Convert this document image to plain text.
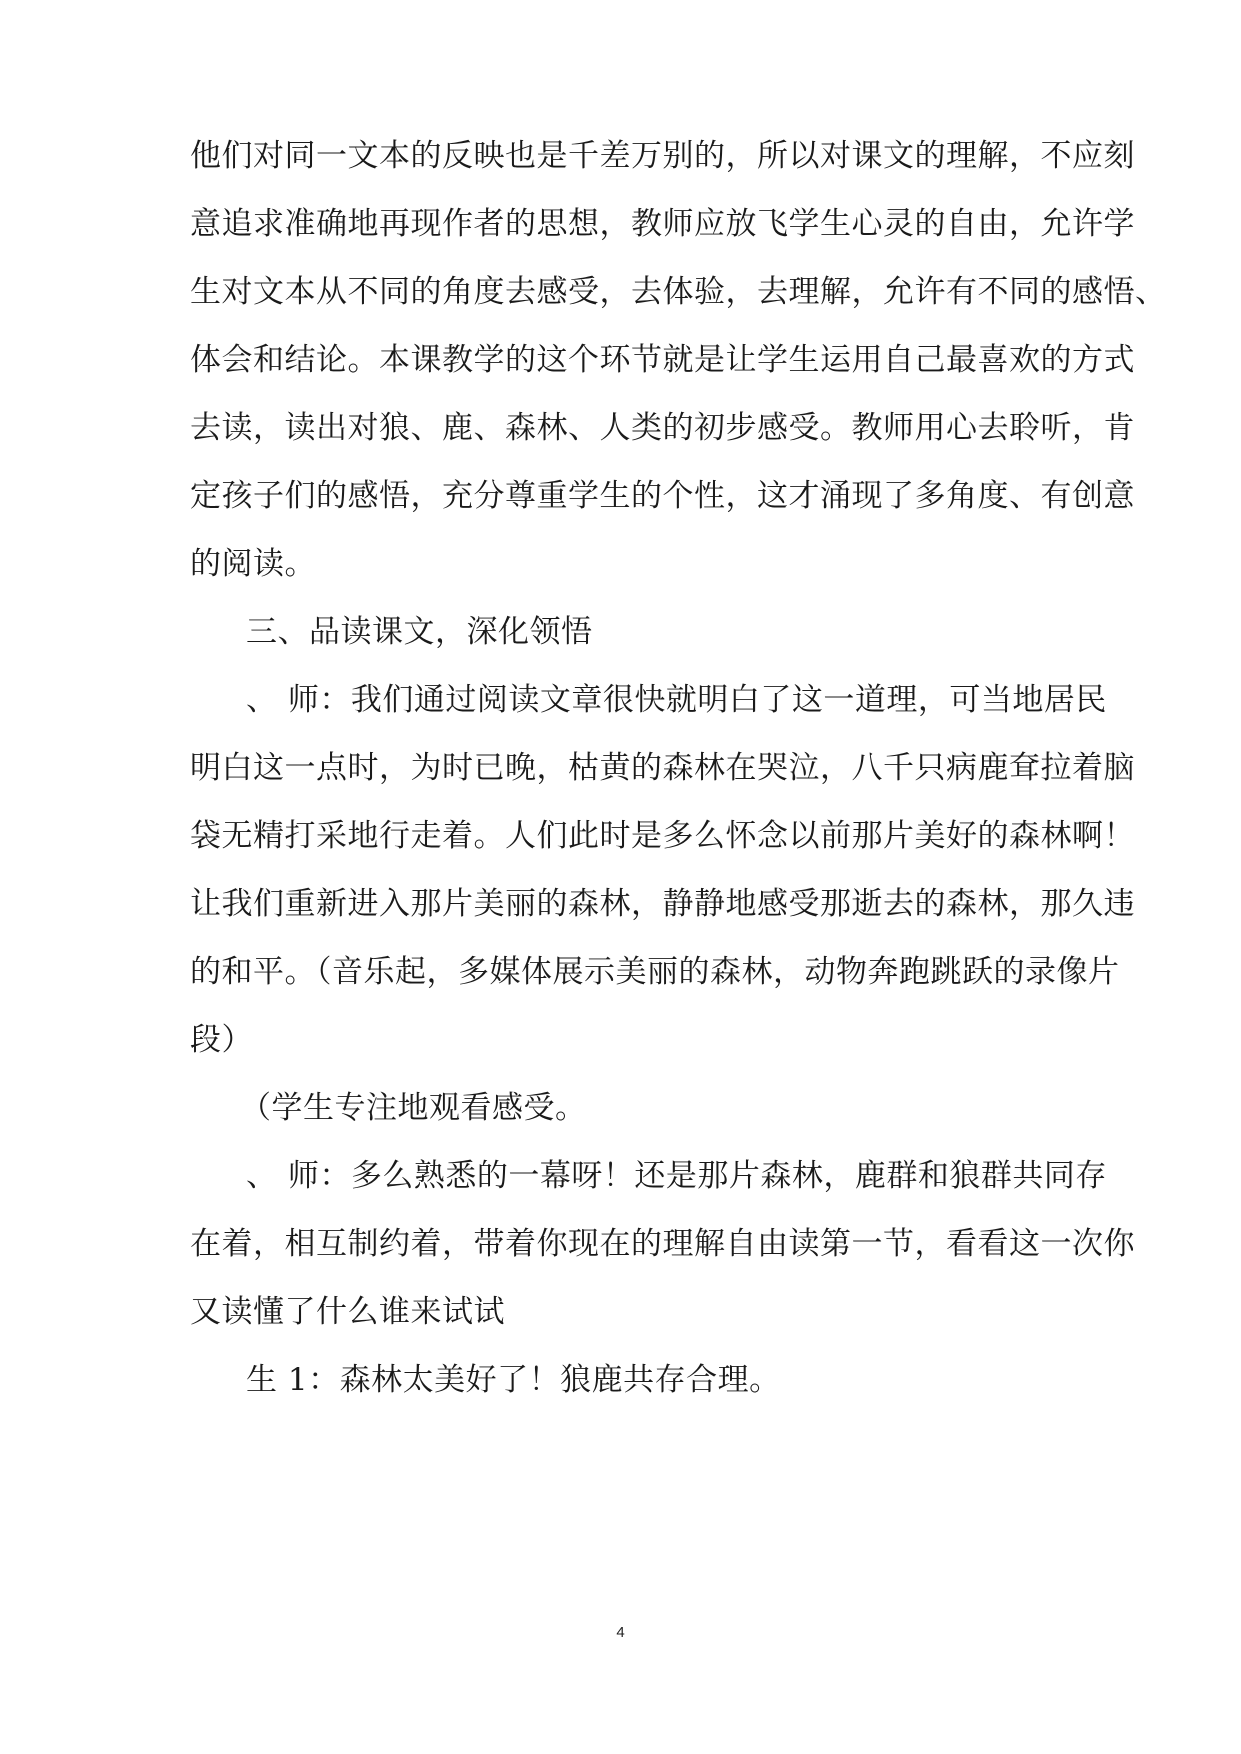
他们对同一文本的反映也是千差万别的，所以对课文的理解，不应刻
意追求准确地再现作者的思想，教师应放飞学生心灵的自由，允许学
生对文本从不同的角度去感受，去体验，去理解，允许有不同的感悟、
体会和结论。本课教学的这个环节就是让学生运用自己最喜欢的方式
去读，读出对狼、鹿、森林、人类的初步感受。教师用心去聆听，肯
定孩子们的感悟，充分尊重学生的个性，这才涌现了多角度、有创意
的阅读。
三、品读课文，深化领悟
、 师：我们通过阅读文章很快就明白了这一道理，可当地居民
明白这一点时，为时已晚，枯黄的森林在哭泣，八千只病鹿耷拉着脑
袋无精打采地行走着。人们此时是多么怀念以前那片美好的森林啊！
让我们重新进入那片美丽的森林，静静地感受那逝去的森林，那久违
的和平。（音乐起，多媒体展示美丽的森林，动物奔跑跳跃的录像片
段）
（学生专注地观看感受。
、 师：多么熟悉的一幕呀！还是那片森林，鹿群和狼群共同存
在着，相互制约着，带着你现在的理解自由读第一节，看看这一次你
又读懂了什么谁来试试
生 1：森林太美好了！狼鹿共存合理。
4
